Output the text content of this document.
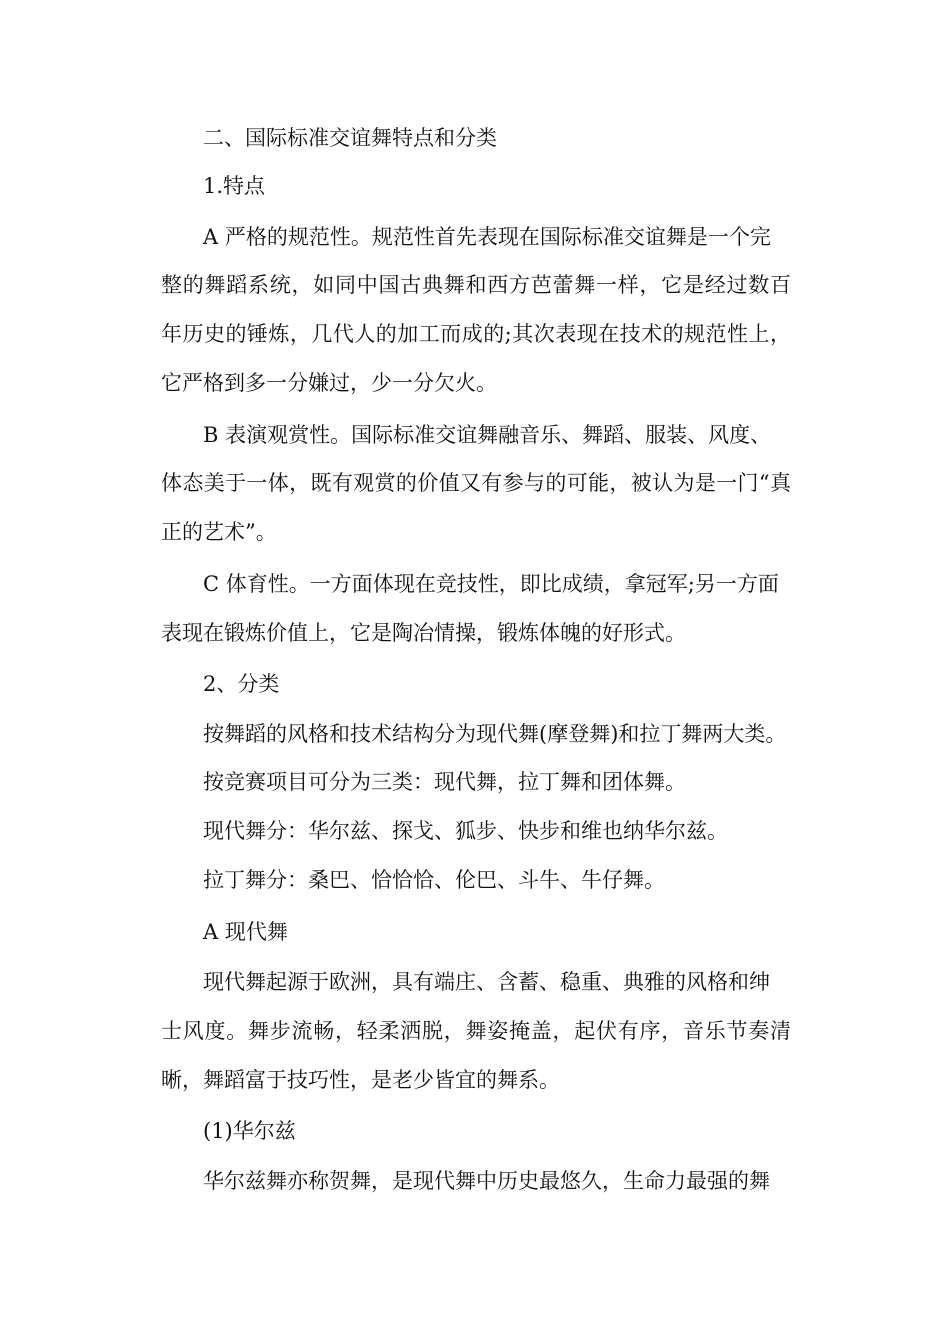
二、国际标准交谊舞特点和分类
1.特点
A 严格的规范性。规范性首先表现在国际标准交谊舞是一个完
整的舞蹈系统，如同中国古典舞和西方芭蕾舞一样，它是经过数百
年历史的锤炼，几代人的加工而成的;其次表现在技术的规范性上，
它严格到多一分嫌过，少一分欠火。
B 表演观赏性。国际标准交谊舞融音乐、舞蹈、服装、风度、
体态美于一体，既有观赏的价值又有参与的可能，被认为是一门“真
正的艺术”。
C 体育性。一方面体现在竞技性，即比成绩，拿冠军;另一方面
表现在锻炼价值上，它是陶冶情操，锻炼体魄的好形式。
2、分类
按舞蹈的风格和技术结构分为现代舞(摩登舞)和拉丁舞两大类。
按竞赛项目可分为三类：现代舞，拉丁舞和团体舞。
现代舞分：华尔兹、探戈、狐步、快步和维也纳华尔兹。
拉丁舞分：桑巴、恰恰恰、伦巴、斗牛、牛仔舞。
A 现代舞
现代舞起源于欧洲，具有端庄、含蓄、稳重、典雅的风格和绅
士风度。舞步流畅，轻柔洒脱，舞姿掩盖，起伏有序，音乐节奏清
晰，舞蹈富于技巧性，是老少皆宜的舞系。
(1)华尔兹
华尔兹舞亦称贺舞，是现代舞中历史最悠久，生命力最强的舞
